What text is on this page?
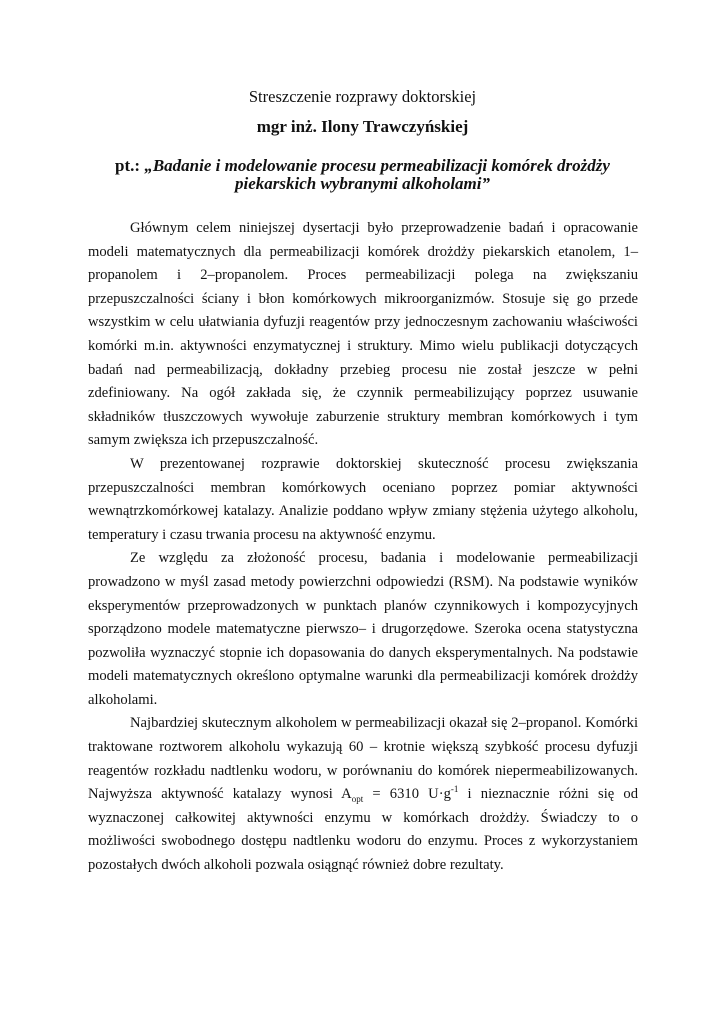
Streszczenie rozprawy doktorskiej
mgr inż. Ilony Trawczyńskiej
pt.: „Badanie i modelowanie procesu permeabilizacji komórek drożdży piekarskich wybranymi alkoholami”

Głównym celem niniejszej dysertacji było przeprowadzenie badań i opracowanie modeli matematycznych dla permeabilizacji komórek drożdży piekarskich etanolem, 1–propanolem i 2–propanolem. Proces permeabilizacji polega na zwiększaniu przepuszczalności ściany i błon komórkowych mikroorganizmów. Stosuje się go przede wszystkim w celu ułatwiania dyfuzji reagentów przy jednoczesnym zachowaniu właściwości komórki m.in. aktywności enzymatycznej i struktury. Mimo wielu publikacji dotyczących badań nad permeabilizacją, dokładny przebieg procesu nie został jeszcze w pełni zdefiniowany. Na ogół zakłada się, że czynnik permeabilizujący poprzez usuwanie składników tłuszczowych wywołuje zaburzenie struktury membran komórkowych i tym samym zwiększa ich przepuszczalność.

W prezentowanej rozprawie doktorskiej skuteczność procesu zwiększania przepuszczalności membran komórkowych oceniano poprzez pomiar aktywności wewnątrzkomórkowej katalazy. Analizie poddano wpływ zmiany stężenia użytego alkoholu, temperatury i czasu trwania procesu na aktywność enzymu.

Ze względu za złożoność procesu, badania i modelowanie permeabilizacji prowadzono w myśl zasad metody powierzchni odpowiedzi (RSM). Na podstawie wyników eksperymentów przeprowadzonych w punktach planów czynnikowych i kompozycyjnych sporządzono modele matematyczne pierwszo– i drugorzędowe. Szeroka ocena statystyczna pozwoliła wyznaczyć stopnie ich dopasowania do danych eksperymentalnych. Na podstawie modeli matematycznych określono optymalne warunki dla permeabilizacji komórek drożdży alkoholami.

Najbardziej skutecznym alkoholem w permeabilizacji okazał się 2–propanol. Komórki traktowane roztworem alkoholu wykazują 60 – krotnie większą szybkość procesu dyfuzji reagentów rozkładu nadtlenku wodoru, w porównaniu do komórek niepermeabilizowanych. Najwyższa aktywność katalazy wynosi $A_{opt} = 6310$ $U\cdot g^{-1}$ i nieznacznie różni się od wyznaczonej całkowitej aktywności enzymu w komórkach drożdży. Świadczy to o możliwości swobodnego dostępu nadtlenku wodoru do enzymu. Proces z wykorzystaniem pozostałych dwóch alkoholi pozwala osiągnąć również dobre rezultaty.
